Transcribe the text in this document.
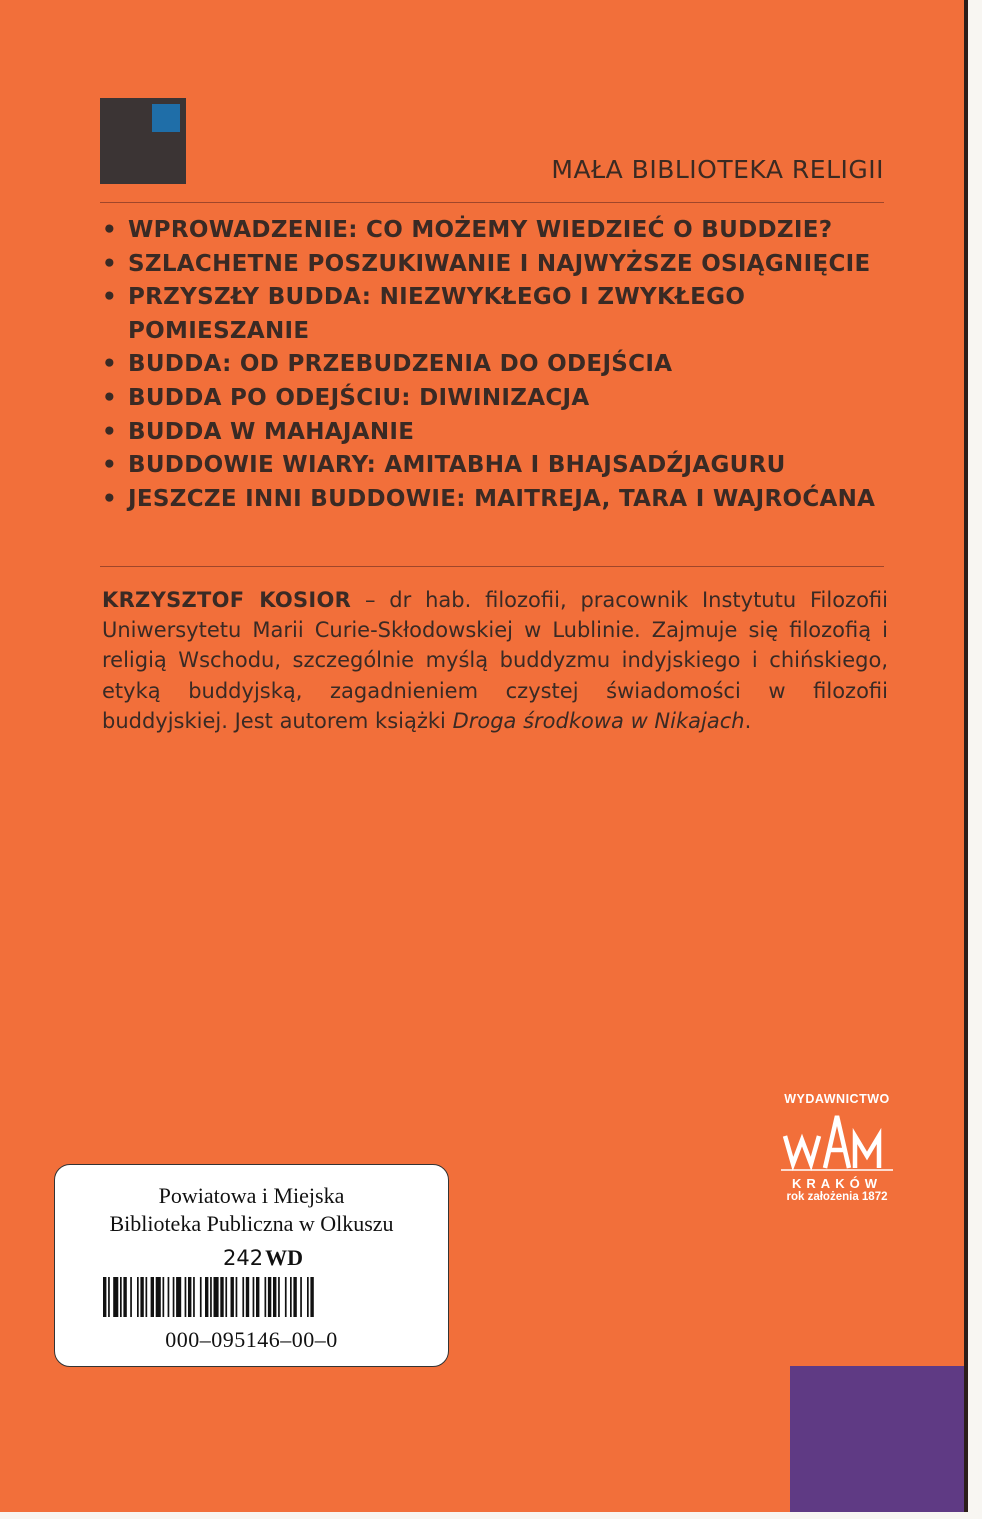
MAŁA BIBLIOTEKA RELIGII
• WPROWADZENIE: CO MOŻEMY WIEDZIEĆ O BUDDZIE?
• SZLACHETNE POSZUKIWANIE I NAJWYŻSZE OSIĄGNIĘCIE
• PRZYSZŁY BUDDA: NIEZWYKŁEGO I ZWYKŁEGO POMIESZANIE
• BUDDA: OD PRZEBUDZENIA DO ODEJŚCIA
• BUDDA PO ODEJŚCIU: DIWINIZACJA
• BUDDA W MAHAJANIE
• BUDDOWIE WIARY: AMITABHA I BHAJSADŹJAGURU
• JESZCZE INNI BUDDOWIE: MAITREJA, TARA I WAJROĆANA

KRZYSZTOF KOSIOR – dr hab. filozofii, pracownik Instytutu Filozofii Uniwersytetu Marii Curie-Skłodowskiej w Lublinie. Zajmuje się filozofią i religią Wschodu, szczególnie myślą buddyzmu indyjskiego i chińskiego, etyką buddyjską, zagadnieniem czystej świadomości w filozofii buddyjskiej. Jest autorem książki Droga środkowa w Nikajach.

WYDAWNICTWO
KRAKÓW
rok założenia 1872
Powiatowa i Miejska
Biblioteka Publiczna w Olkuszu
242WD
000–095146–00–0
